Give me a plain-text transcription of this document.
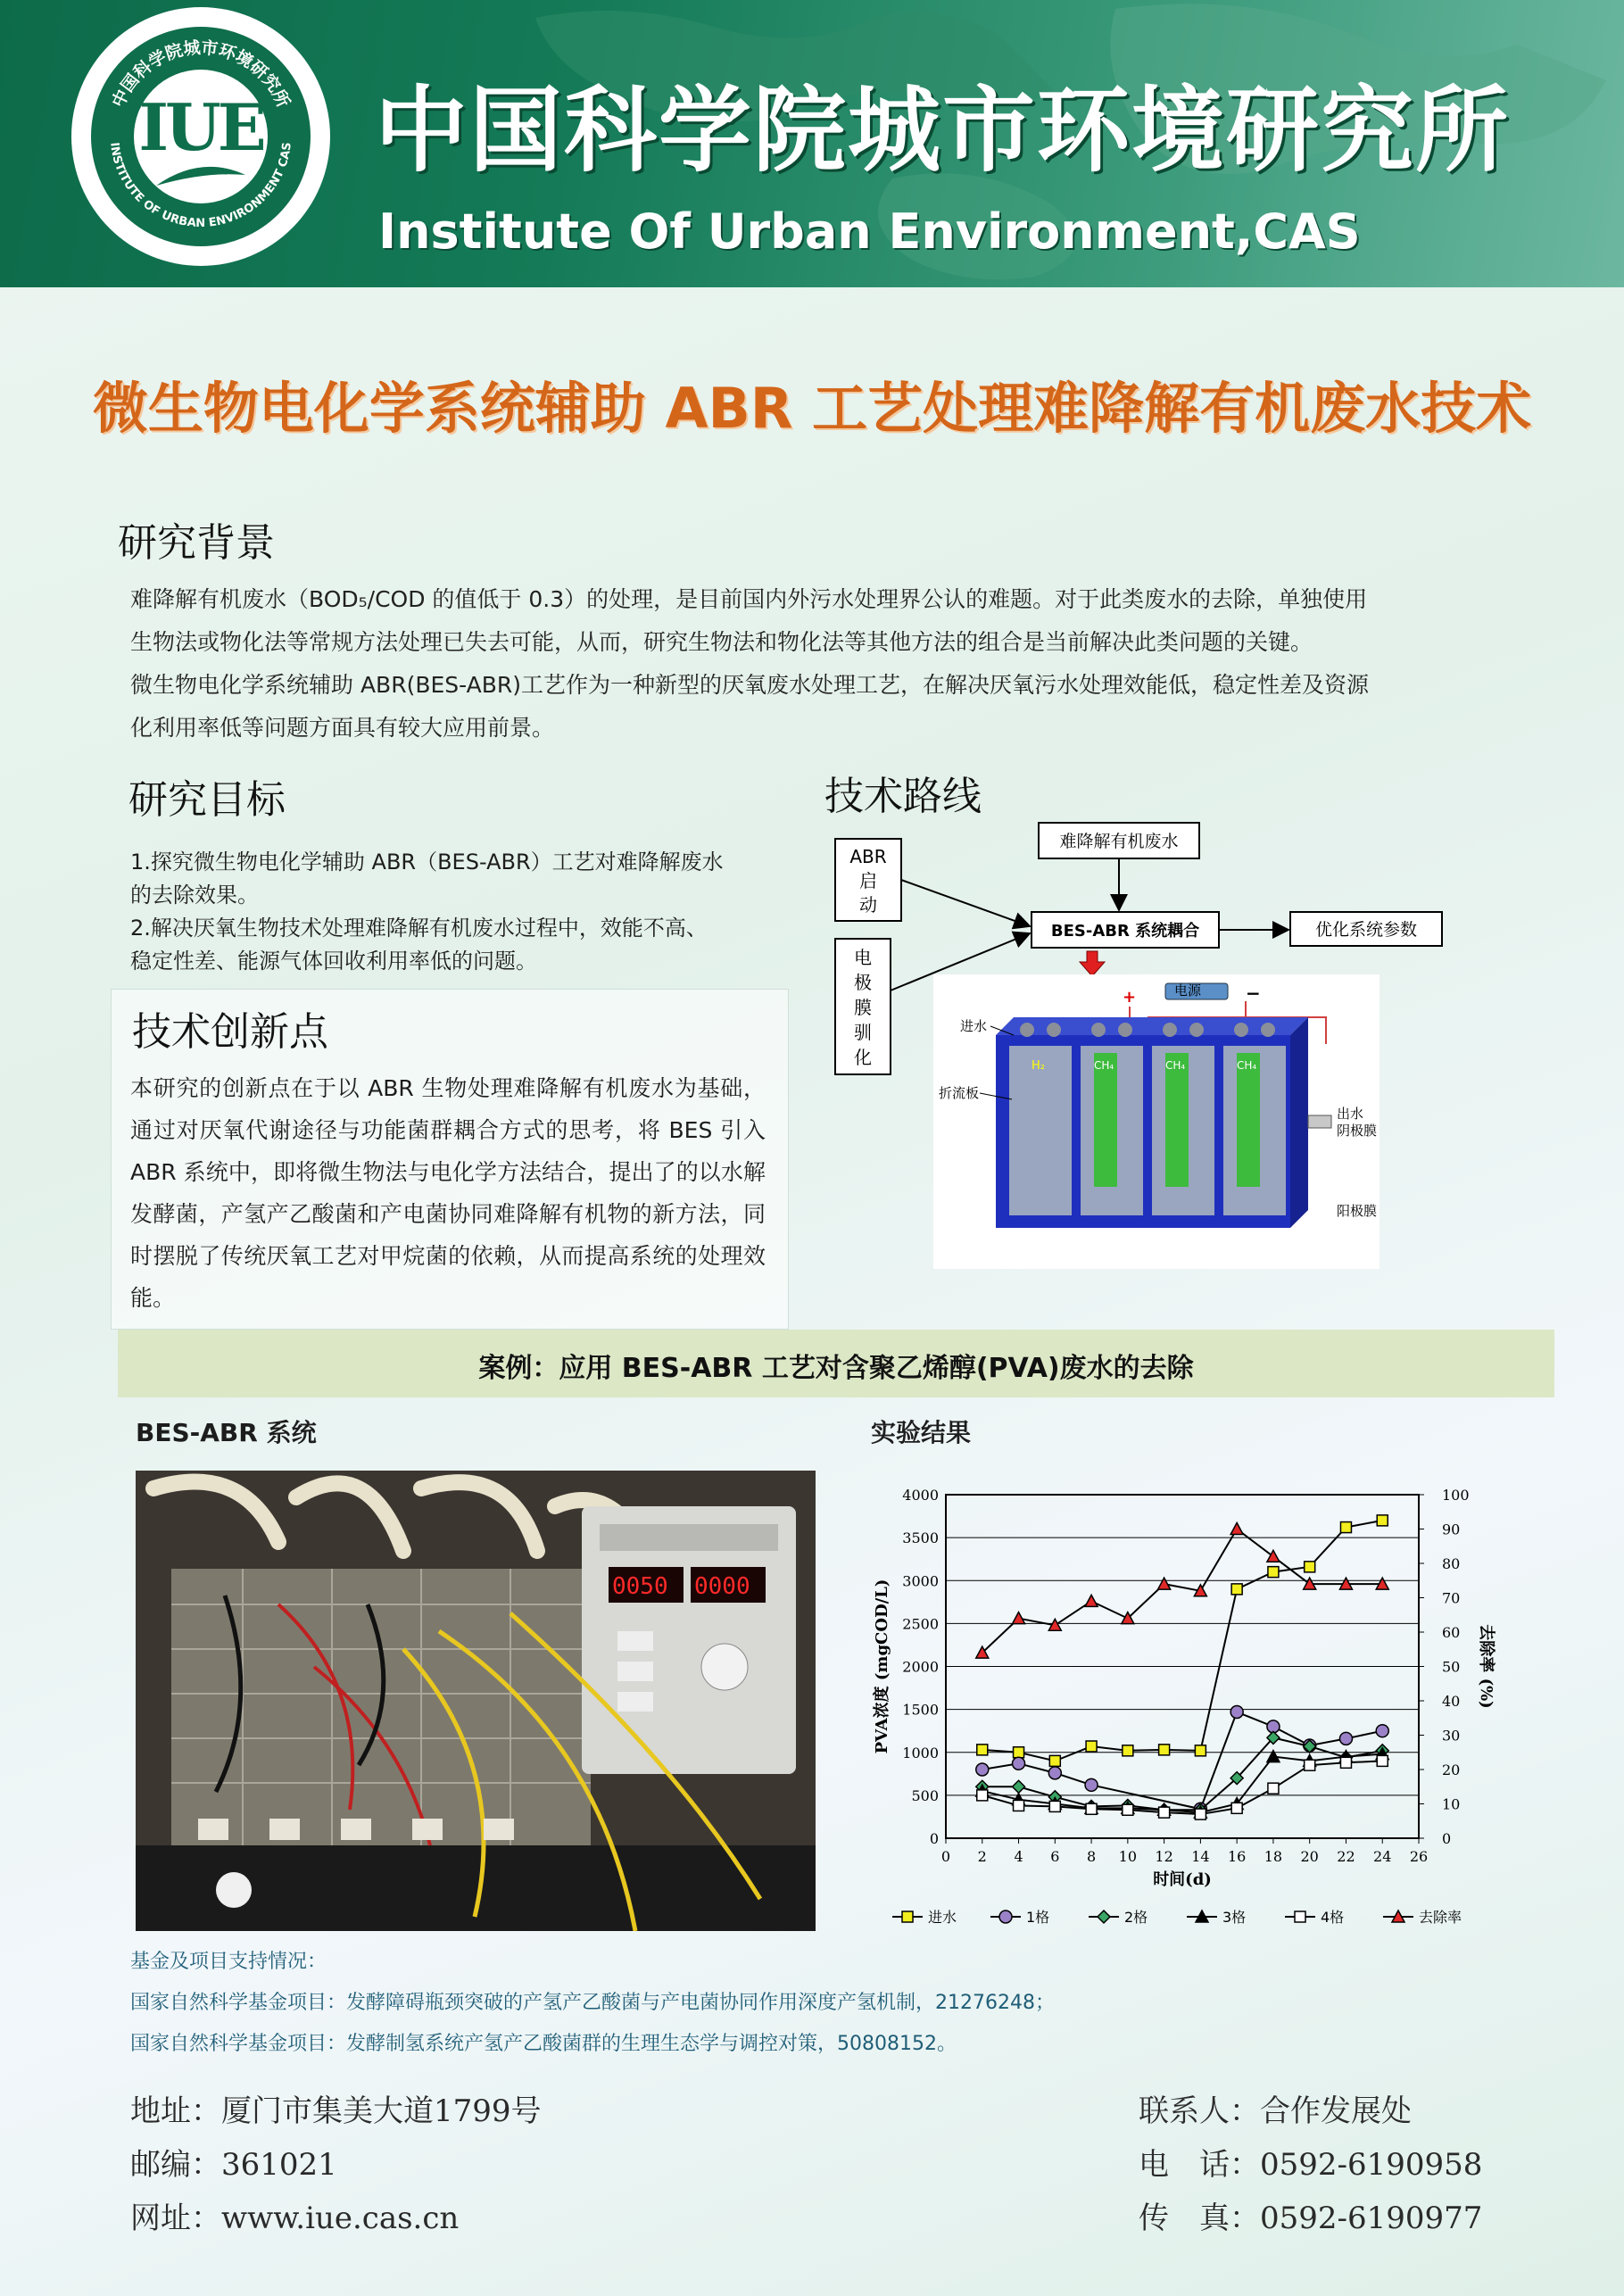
中国科学院城市环境研究所
INSTITUTE OF URBAN ENVIRONMENT CAS
IUE 中国科学院城市环境研究所
Institute Of Urban Environment,CAS
微生物电化学系统辅助 ABR 工艺处理难降解有机废水技术
研究背景

难降解有机废水（BOD₅/COD 的值低于 0.3）的处理，是目前国内外污水处理界公认的难题。对于此类废水的去除，单独使用

生物法或物化法等常规方法处理已失去可能，从而，研究生物法和物化法等其他方法的组合是当前解决此类问题的关键。

微生物电化学系统辅助 ABR(BES-ABR)工艺作为一种新型的厌氧废水处理工艺，在解决厌氧污水处理效能低，稳定性差及资源

化利用率低等问题方面具有较大应用前景。

研究目标

1.探究微生物电化学辅助 ABR（BES-ABR）工艺对难降解废水

的去除效果。

2.解决厌氧生物技术处理难降解有机废水过程中，效能不高、

稳定性差、能源气体回收利用率低的问题。

技术创新点
本研究的创新点在于以 ABR 生物处理难降解有机废水为基础，通过对厌氧代谢途径与功能菌群耦合方式的思考，将 BES 引入 ABR 系统中，即将微生物法与电化学方法结合，提出了的以水解发酵菌，产氢产乙酸菌和产电菌协同难降解有机物的新方法，同时摆脱了传统厌氧工艺对甲烷菌的依赖，从而提高系统的处理效能。
技术路线
ABR
启
动
电
极
膜
驯
化
难降解有机废水
BES-ABR 系统耦合	优化系统参数
电源
+	−
H₂	CH₄	CH₄	CH₄
进水
折流板
出水
阴极膜
阳极膜
案例：应用 BES-ABR 工艺对含聚乙烯醇(PVA)废水的去除
BES-ABR 系统
0050 0000
实验结果
0
500
1000
1500
2000
2500
3000
3500
4000
0
10
20
30
40
50
60
70
80
90
100
0 2 4 6 8 10 12 14 16 18 20 22 24 26
时间(d)
PVA浓度 (mgCOD/L)	去除率 (%)
进水	1格	2格	3格	4格	去除率

基金及项目支持情况：

国家自然科学基金项目：发酵障碍瓶颈突破的产氢产乙酸菌与产电菌协同作用深度产氢机制，21276248；

国家自然科学基金项目：发酵制氢系统产氢产乙酸菌群的生理生态学与调控对策，50808152。

地址：厦门市集美大道1799号
邮编：361021
网址：www.iue.cas.cn
联系人：合作发展处
电　话：0592-6190958
传　真：0592-6190977
